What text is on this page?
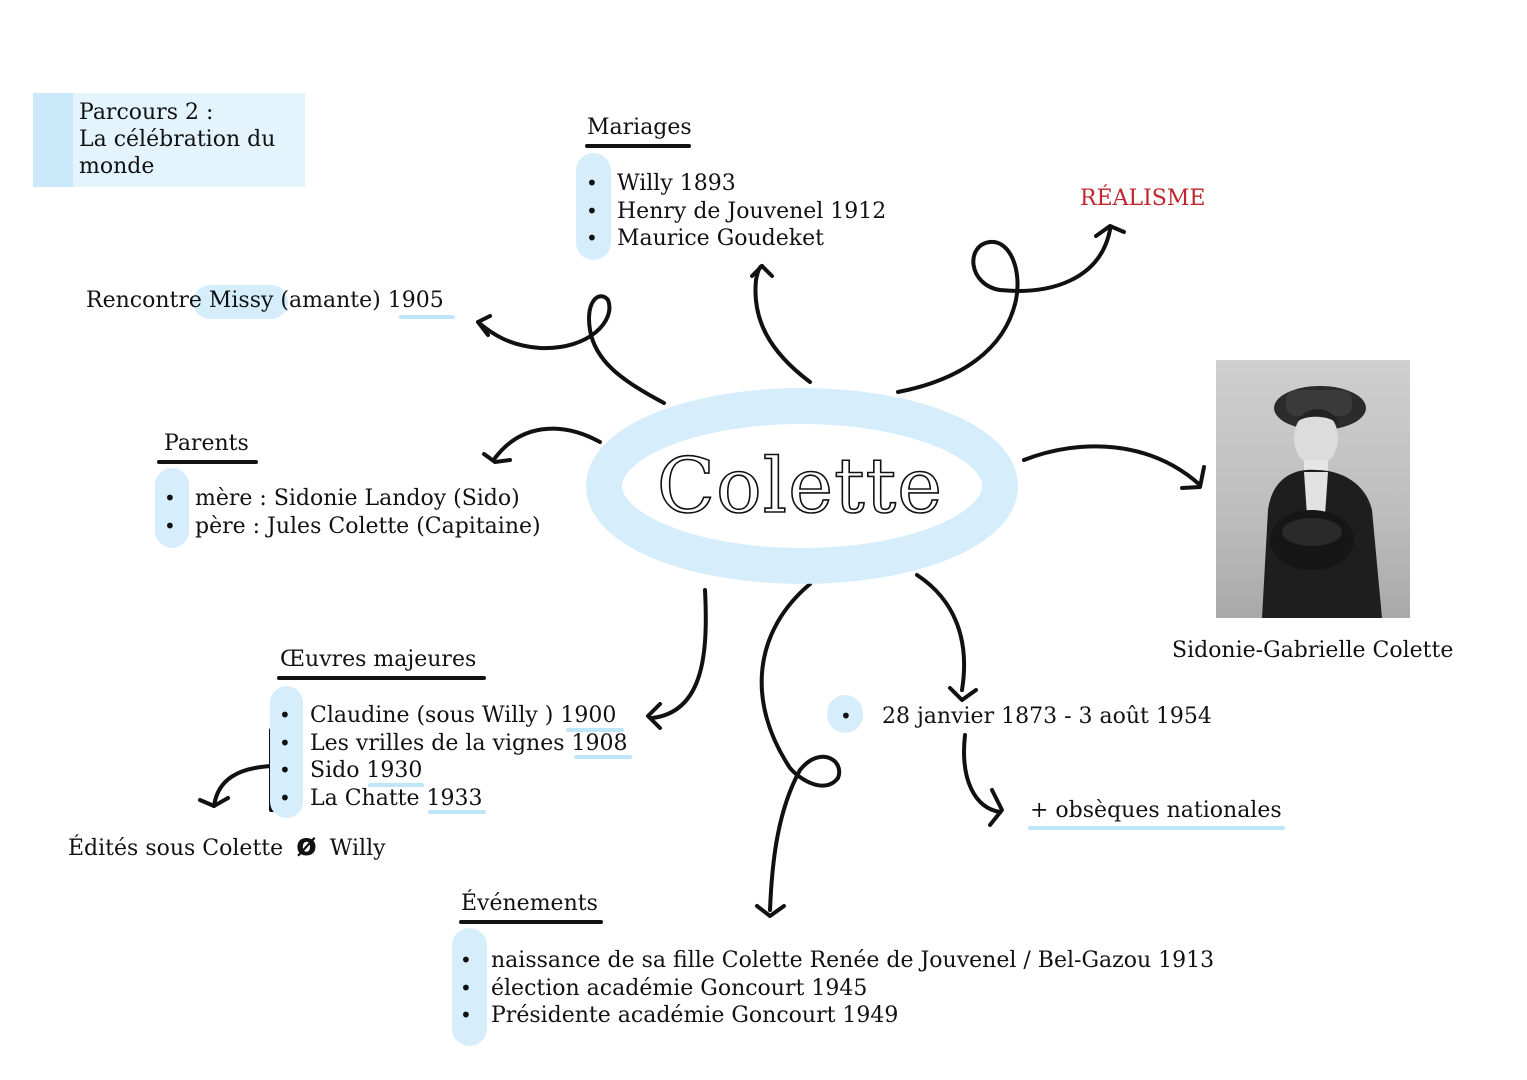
Parcours 2 :
La célébration du
monde
Mariages
• Willy 1893
• Henry de Jouvenel 1912
• Maurice Goudeket
RÉALISME
Rencontre Missy (amante) 1905
Parents
• mère : Sidonie Landoy (Sido)
• père : Jules Colette (Capitaine)	Colette
Sidonie-Gabrielle Colette
Œuvres majeures
• Claudine (sous Willy ) 1900
• Les vrilles de la vignes 1908
• Sido 1930
• La Chatte 1933
Édités sous Colette ø Willy
• 28 janvier 1873 - 3 août 1954
+ obsèques nationales
Événements
• naissance de sa fille Colette Renée de Jouvenel / Bel-Gazou 1913
• élection académie Goncourt 1945
• Présidente académie Goncourt 1949
